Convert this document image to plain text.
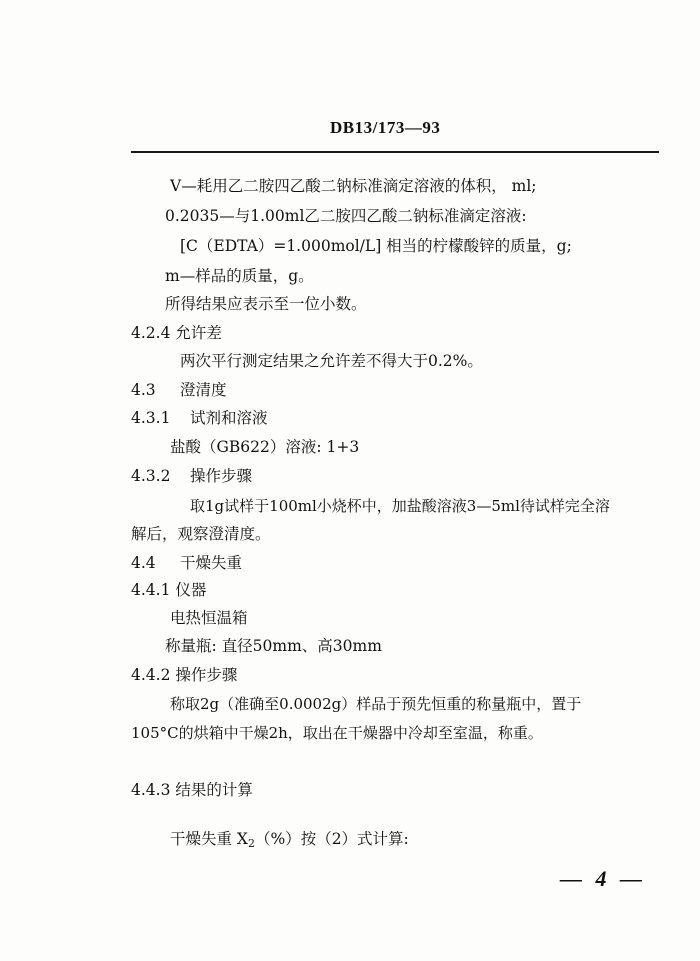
DB13/173—93
V—耗用乙二胺四乙酸二钠标准滴定溶液的体积， ml;
0.2035—与1.00ml乙二胺四乙酸二钠标准滴定溶液:
[C（EDTA）=1.000mol/L] 相当的柠檬酸锌的质量，g;
m—样品的质量，g。
所得结果应表示至一位小数。
4.2.4 允许差
两次平行测定结果之允许差不得大于0.2%。
4.3 澄清度
4.3.1 试剂和溶液
盐酸（GB622）溶液: 1+3
4.3.2 操作步骤
取1g试样于100ml小烧杯中，加盐酸溶液3—5ml待试样完全溶
解后，观察澄清度。
4.4 干燥失重
4.4.1 仪器
电热恒温箱
称量瓶: 直径50mm、高30mm
4.4.2 操作步骤
称取2g（准确至0.0002g）样品于预先恒重的称量瓶中，置于
105°C的烘箱中干燥2h，取出在干燥器中冷却至室温，称重。
4.4.3 结果的计算
干燥失重 $X_2(\%)$按（2）式计算:
— 4 —
